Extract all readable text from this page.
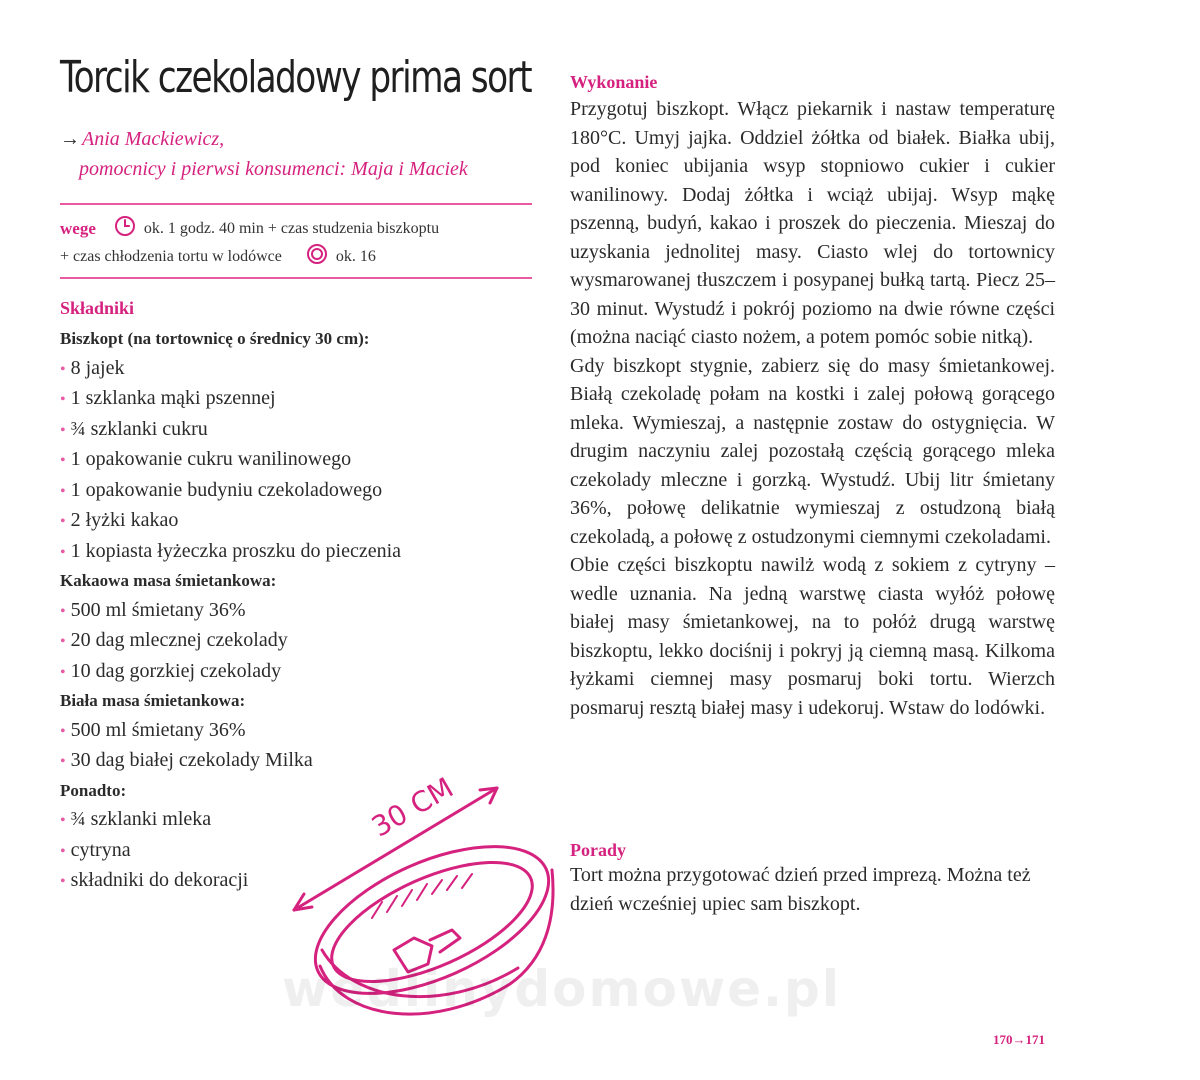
Torcik czekoladowy prima sort
→ Ania Mackiewicz,
pomocnicy i pierwsi konsumenci: Maja i Maciek
wege	ok. 1 godz. 40 min + czas studzenia biszkoptu
+ czas chłodzenia tortu w lodówce	ok. 16
Składniki
Biszkopt (na tortownicę o średnicy 30 cm):
• 8 jajek
• 1 szklanka mąki pszennej
• ¾ szklanki cukru
• 1 opakowanie cukru wanilinowego
• 1 opakowanie budyniu czekoladowego
• 2 łyżki kakao
• 1 kopiasta łyżeczka proszku do pieczenia
Kakaowa masa śmietankowa:
• 500 ml śmietany 36%
• 20 dag mlecznej czekolady
• 10 dag gorzkiej czekolady
Biała masa śmietankowa:
• 500 ml śmietany 36%
• 30 dag białej czekolady Milka
Ponadto:
• ¾ szklanki mleka
• cytryna
• składniki do dekoracji
30 CM
wedlinydomowe.pl
Wykonanie

Przygotuj biszkopt. Włącz piekarnik i nastaw temperaturę 180°C. Umyj jajka. Oddziel żółtka od białek. Białka ubij, pod koniec ubijania wsyp stopniowo cukier i cukier wanilinowy. Dodaj żółtka i wciąż ubijaj. Wsyp mąkę pszenną, budyń, kakao i proszek do pieczenia. Mieszaj do uzyskania jednolitej masy. Ciasto wlej do tortownicy wysmarowanej tłuszczem i posypanej bułką tartą. Piecz 25–30 minut. Wystudź i pokrój poziomo na dwie równe części (można naciąć ciasto nożem, a potem pomóc sobie nitką).

Gdy biszkopt stygnie, zabierz się do masy śmietankowej. Białą czekoladę połam na kostki i zalej połową gorącego mleka. Wymieszaj, a następnie zostaw do ostygnięcia. W drugim naczyniu zalej pozostałą częścią gorącego mleka czekolady mleczne i gorzką. Wystudź. Ubij litr śmietany 36%, połowę delikatnie wymieszaj z ostudzoną białą czekoladą, a połowę z ostudzonymi ciemnymi czekoladami.

Obie części biszkoptu nawilż wodą z sokiem z cytryny – wedle uznania. Na jedną warstwę ciasta wyłóż połowę białej masy śmietankowej, na to połóż drugą warstwę biszkoptu, lekko dociśnij i pokryj ją ciemną masą. Kilkoma łyżkami ciemnej masy posmaruj boki tortu. Wierzch posmaruj resztą białej masy i udekoruj. Wstaw do lodówki.

Porady

Tort można przygotować dzień przed imprezą. Można też dzień wcześniej upiec sam biszkopt.

170→171
